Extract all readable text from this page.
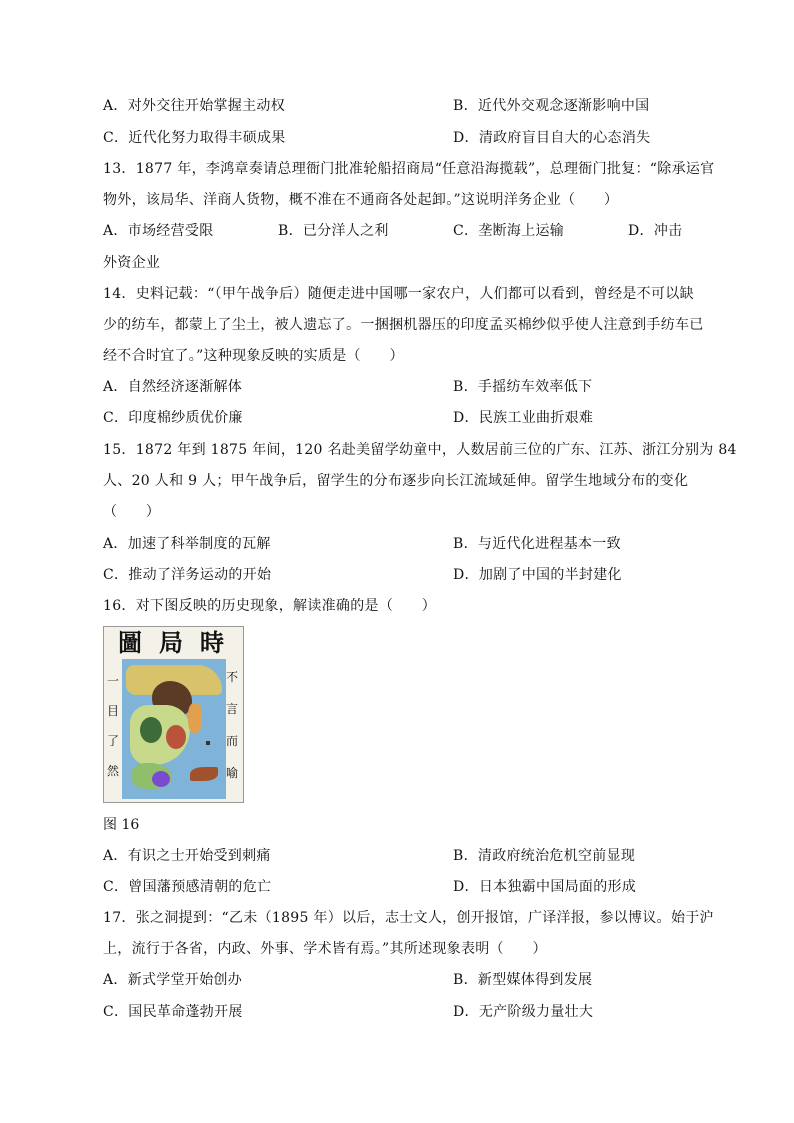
A．对外交往开始掌握主动权	B．近代外交观念逐渐影响中国
C．近代化努力取得丰硕成果	D．清政府盲目自大的心态消失
13．1877 年，李鸿章奏请总理衙门批准轮船招商局“任意沿海揽载”，总理衙门批复：“除承运官
物外，该局华、洋商人货物，概不准在不通商各处起卸。”这说明洋务企业（　　）
A．市场经营受限	B．已分洋人之利	C．垄断海上运输	D．冲击
外资企业
14．史料记载：“（甲午战争后）随便走进中国哪一家农户，人们都可以看到，曾经是不可以缺
少的纺车，都蒙上了尘土，被人遗忘了。一捆捆机器压的印度孟买棉纱似乎使人注意到手纺车已
经不合时宜了。”这种现象反映的实质是（　　）
A．自然经济逐渐解体	B．手摇纺车效率低下
C．印度棉纱质优价廉	D．民族工业曲折艰难
15．1872 年到 1875 年间，120 名赴美留学幼童中，人数居前三位的广东、江苏、浙江分别为 84
人、20 人和 9 人；甲午战争后，留学生的分布逐步向长江流域延伸。留学生地域分布的变化
（　　）
A．加速了科举制度的瓦解	B．与近代化进程基本一致
C．推动了洋务运动的开始	D．加剧了中国的半封建化
16．对下图反映的历史现象，解读准确的是（　　）
圖 局 時
一
目
了
然
不
言
而
喻
图 16
A．有识之士开始受到刺痛	B．清政府统治危机空前显现
C．曾国藩预感清朝的危亡	D．日本独霸中国局面的形成
17．张之洞提到：“乙未（1895 年）以后，志士文人，创开报馆，广译洋报，参以博议。始于沪
上，流行于各省，内政、外事、学术皆有焉。”其所述现象表明（　　）
A．新式学堂开始创办	B．新型媒体得到发展
C．国民革命蓬勃开展	D．无产阶级力量壮大
